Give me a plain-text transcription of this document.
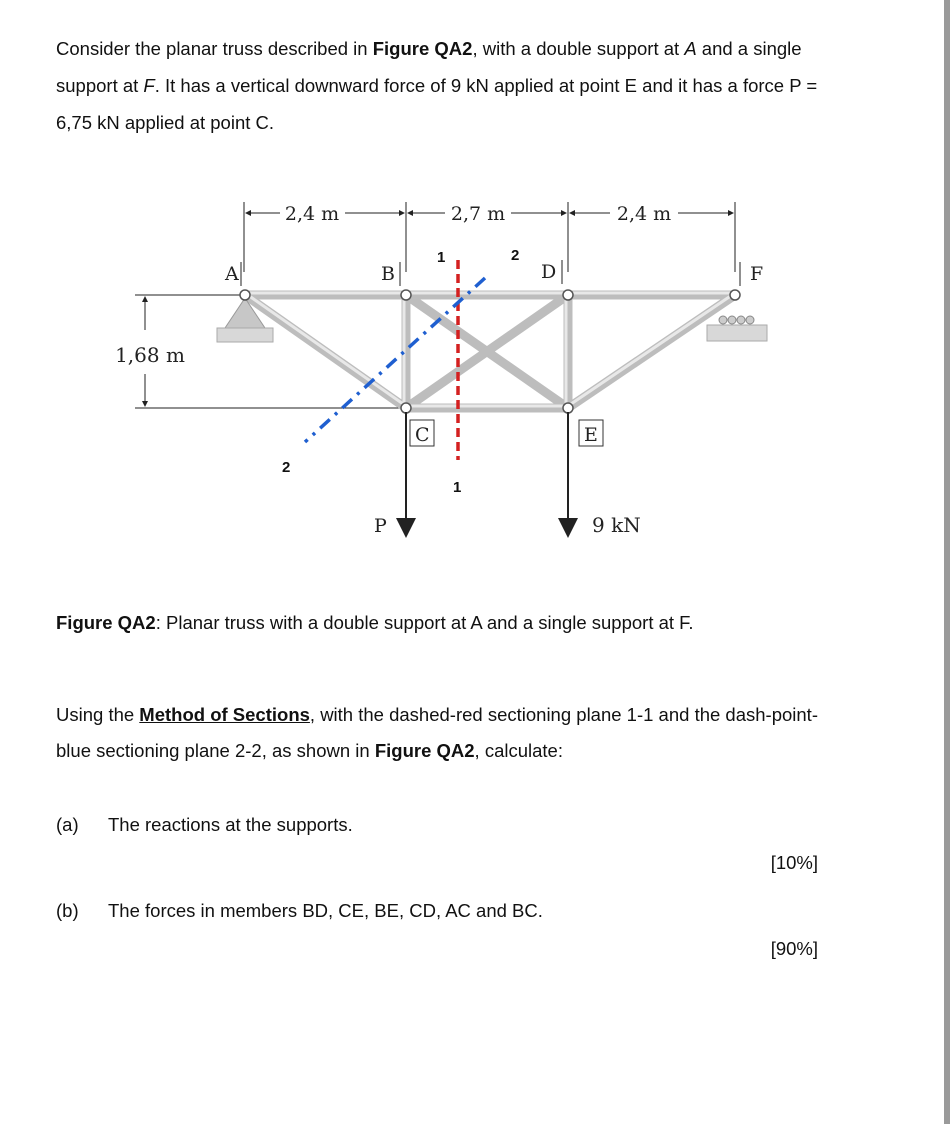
Consider the planar truss described in Figure QA2, with a double support at A and a single support at F. It has a vertical downward force of 9 kN applied at point E and it has a force P = 6,75 kN applied at point C.
2,4 m	2,7 m	2,4 m
1,68 m
A	B	D	F
C	E
P	9 kN
1
1
2
2
Figure QA2: Planar truss with a double support at A and a single support at F.
Using the Method of Sections, with the dashed-red sectioning plane 1-1 and the dash-point-blue sectioning plane 2-2, as shown in Figure QA2, calculate:
(a) The reactions at the supports.
[10%]
(b) The forces in members BD, CE, BE, CD, AC and BC.
[90%]
